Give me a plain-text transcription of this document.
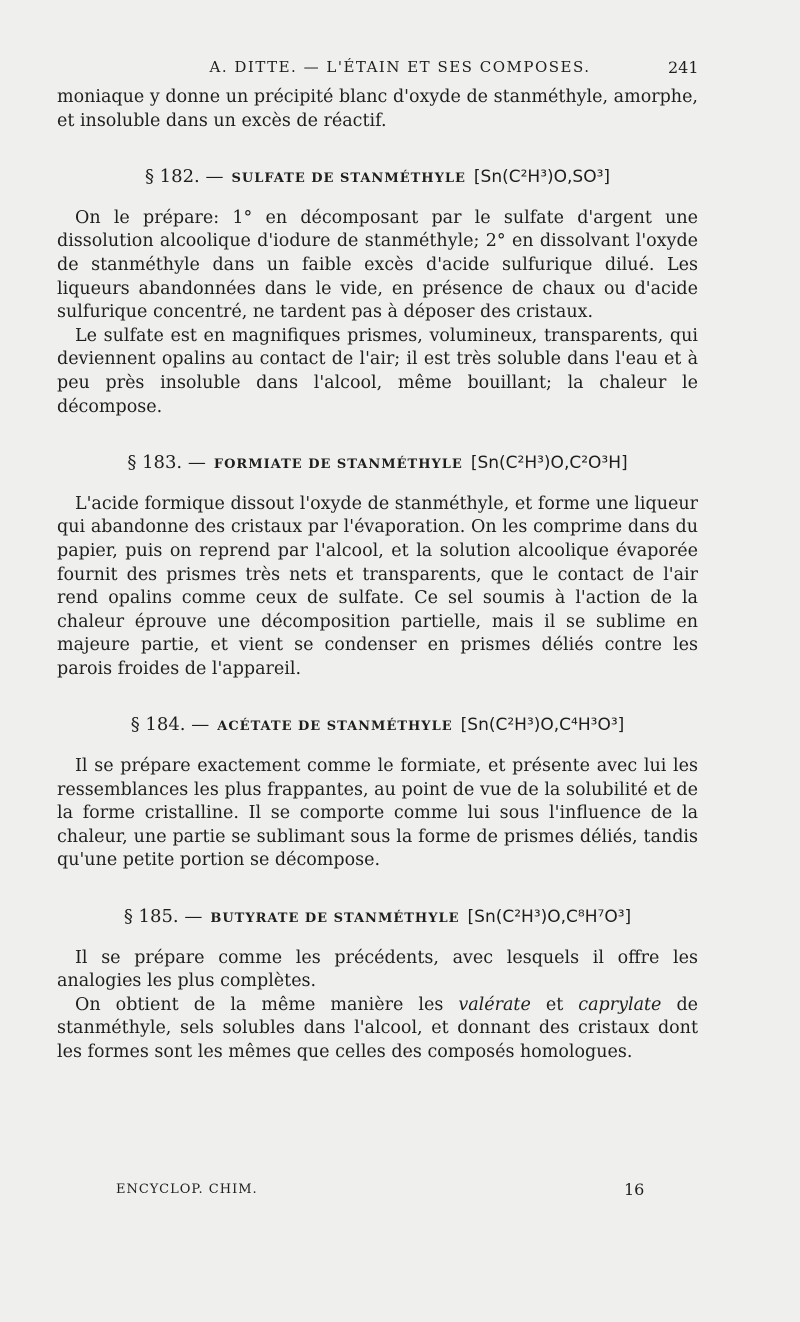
A. DITTE. — L'ÉTAIN ET SES COMPOSES.	241

moniaque y donne un précipité blanc d'oxyde de stanméthyle, amorphe, et insoluble dans un excès de réactif.

§ 182. — SULFATE DE STANMÉTHYLE [Sn(C²H³)O,SO³]

On le prépare: 1° en décomposant par le sulfate d'argent une dissolution alcoolique d'iodure de stanméthyle; 2° en dissolvant l'oxyde de stanméthyle dans un faible excès d'acide sulfurique dilué. Les liqueurs abandonnées dans le vide, en présence de chaux ou d'acide sulfurique concentré, ne tardent pas à déposer des cristaux.

Le sulfate est en magnifiques prismes, volumineux, transparents, qui deviennent opalins au contact de l'air; il est très soluble dans l'eau et à peu près insoluble dans l'alcool, même bouillant; la chaleur le décompose.

§ 183. — FORMIATE DE STANMÉTHYLE [Sn(C²H³)O,C²O³H]

L'acide formique dissout l'oxyde de stanméthyle, et forme une liqueur qui abandonne des cristaux par l'évaporation. On les comprime dans du papier, puis on reprend par l'alcool, et la solution alcoolique évaporée fournit des prismes très nets et transparents, que le contact de l'air rend opalins comme ceux de sulfate. Ce sel soumis à l'action de la chaleur éprouve une décomposition partielle, mais il se sublime en majeure partie, et vient se condenser en prismes déliés contre les parois froides de l'appareil.

§ 184. — ACÉTATE DE STANMÉTHYLE [Sn(C²H³)O,C⁴H³O³]

Il se prépare exactement comme le formiate, et présente avec lui les ressemblances les plus frappantes, au point de vue de la solubilité et de la forme cristalline. Il se comporte comme lui sous l'influence de la chaleur, une partie se sublimant sous la forme de prismes déliés, tandis qu'une petite portion se décompose.

§ 185. — BUTYRATE DE STANMÉTHYLE [Sn(C²H³)O,C⁸H⁷O³]

Il se prépare comme les précédents, avec lesquels il offre les analogies les plus complètes.

On obtient de la même manière les valérate et caprylate de stanméthyle, sels solubles dans l'alcool, et donnant des cristaux dont les formes sont les mêmes que celles des composés homologues.

ENCYCLOP. CHIM.	16
